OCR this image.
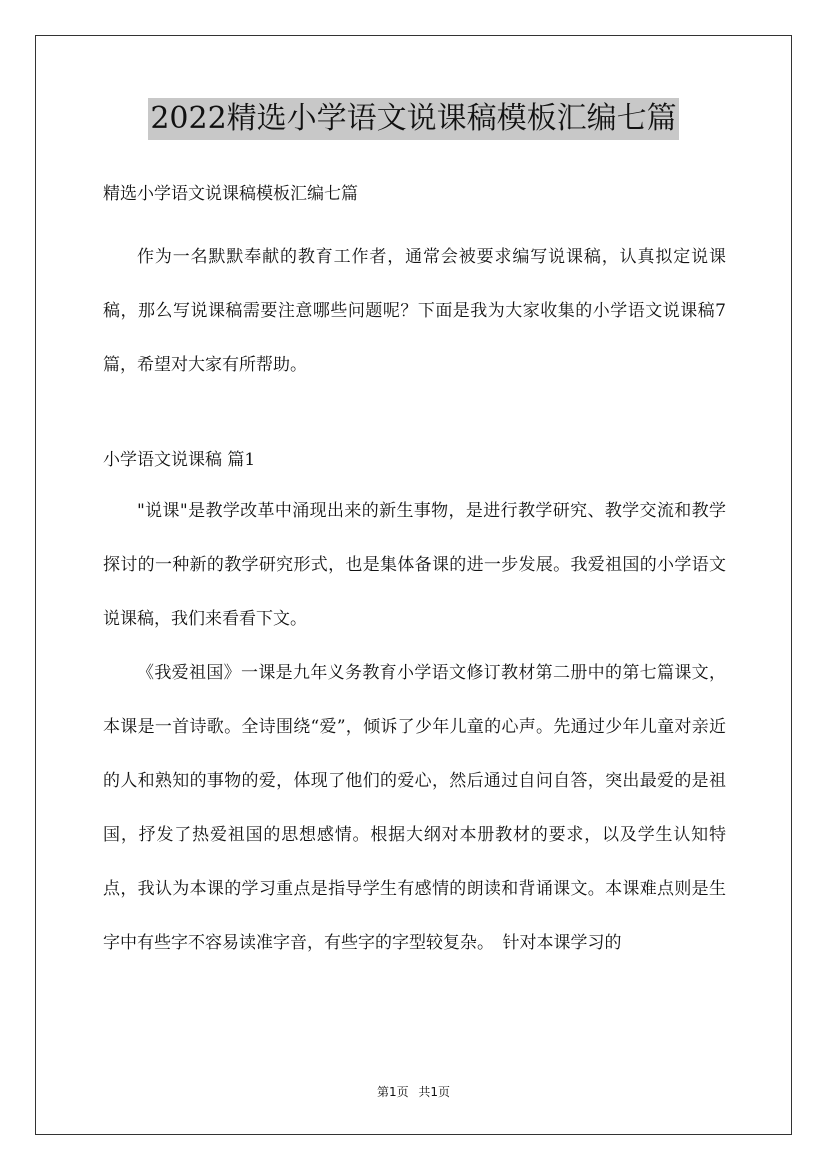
2022精选小学语文说课稿模板汇编七篇

精选小学语文说课稿模板汇编七篇

作为一名默默奉献的教育工作者，通常会被要求编写说课稿，认真拟定说课稿，那么写说课稿需要注意哪些问题呢？下面是我为大家收集的小学语文说课稿7篇，希望对大家有所帮助。

小学语文说课稿 篇1

"说课"是教学改革中涌现出来的新生事物，是进行教学研究、教学交流和教学探讨的一种新的教学研究形式，也是集体备课的进一步发展。我爱祖国的小学语文说课稿，我们来看看下文。

《我爱祖国》一课是九年义务教育小学语文修订教材第二册中的第七篇课文，本课是一首诗歌。全诗围绕“爱”，倾诉了少年儿童的心声。先通过少年儿童对亲近的人和熟知的事物的爱，体现了他们的爱心，然后通过自问自答，突出最爱的是祖国，抒发了热爱祖国的思想感情。根据大纲对本册教材的要求，以及学生认知特点，我认为本课的学习重点是指导学生有感情的朗读和背诵课文。本课难点则是生字中有些字不容易读准字音，有些字的字型较复杂。　针对本课学习的

第1页 共1页
